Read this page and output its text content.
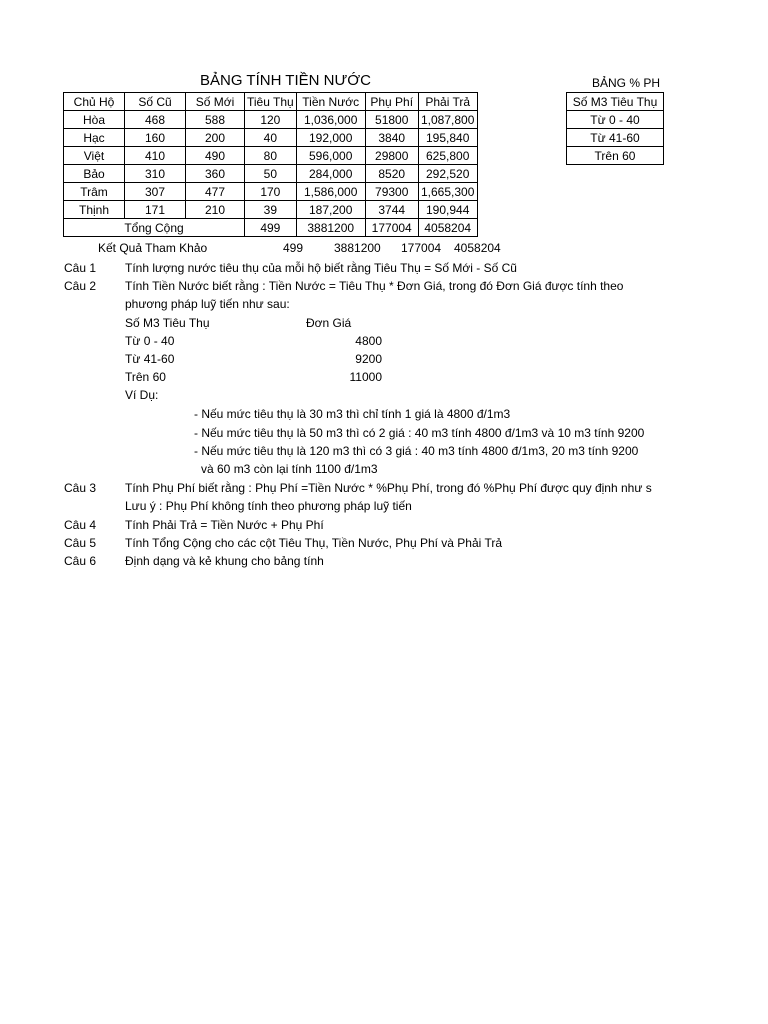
BẢNG TÍNH TIỀN NƯỚC	BẢNG % PH
Chủ Hộ	Số Cũ	Số Mới	Tiêu Thụ	Tiền Nước	Phụ Phí	Phải Trả
Hòa	468	588	120	1,036,000	51800	1,087,800
Hạc	160	200	40	192,000	3840	195,840
Việt	410	490	80	596,000	29800	625,800
Bảo	310	360	50	284,000	8520	292,520
Trâm	307	477	170	1,586,000	79300	1,665,300
Thịnh	171	210	39	187,200	3744	190,944
Tổng Cộng			499	3881200	177004	4058204
Kết Quả Tham Khảo	499	3881200 177004 4058204
Số M3 Tiêu Thụ
Từ 0 - 40
Từ 41-60
Trên 60
Câu 1 Tính lượng nước tiêu thụ của mỗi hộ biết rằng Tiêu Thụ = Số Mới - Số Cũ
Câu 2 Tính Tiền Nước biết rằng : Tiền Nước = Tiêu Thụ * Đơn Giá, trong đó Đơn Giá được tính theo
phương pháp luỹ tiến như sau:
Số M3 Tiêu Thụ	Đơn Giá
Từ 0 - 40	4800
Từ 41-60	9200
Trên 60	11000
Ví Dụ:
- Nếu mức tiêu thụ là 30 m3 thì chỉ tính 1 giá là 4800 đ/1m3
- Nếu mức tiêu thụ là 50 m3 thì có 2 giá : 40 m3 tính 4800 đ/1m3 và 10 m3 tính 9200
- Nếu mức tiêu thụ là 120 m3 thì có 3 giá : 40 m3 tính 4800 đ/1m3, 20 m3 tính 9200
và 60 m3 còn lại tính 1100 đ/1m3
Câu 3 Tính Phụ Phí biết rằng : Phụ Phí =Tiền Nước * %Phụ Phí, trong đó %Phụ Phí được quy định như s
Lưu ý : Phụ Phí không tính theo phương pháp luỹ tiến
Câu 4 Tính Phải Trả = Tiền Nước + Phụ Phí
Câu 5 Tính Tổng Cộng cho các cột Tiêu Thụ, Tiền Nước, Phụ Phí và Phải Trả
Câu 6 Định dạng và kẻ khung cho bảng tính
